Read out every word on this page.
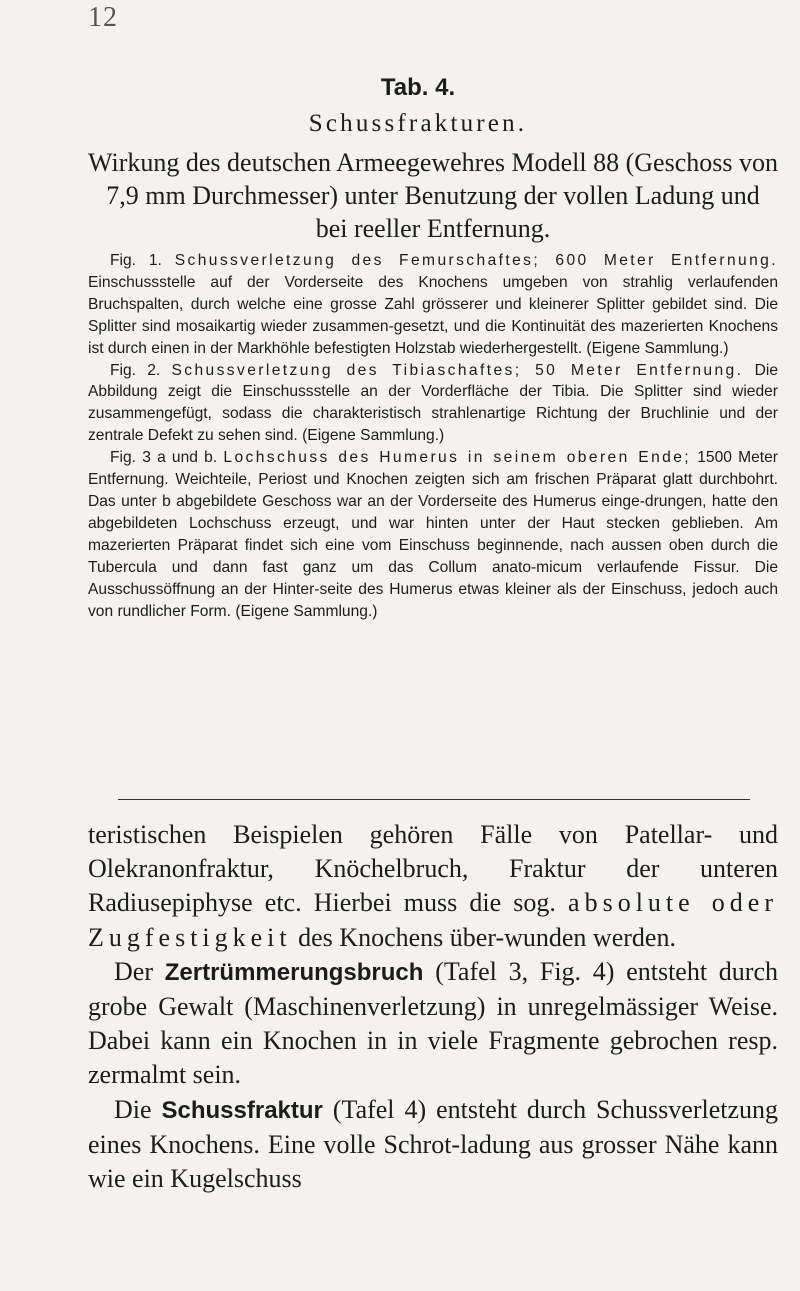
12
Tab. 4.
Schussfrakturen.
Wirkung des deutschen Armeegewehres Modell 88 (Geschoss von 7,9 mm Durchmesser) unter Benutzung der vollen Ladung und bei reeller Entfernung.

Fig. 1. Schussverletzung des Femurschaftes; 600 Meter Entfernung. Einschussstelle auf der Vorderseite des Knochens umgeben von strahlig verlaufenden Bruchspalten, durch welche eine grosse Zahl grösserer und kleinerer Splitter gebildet sind. Die Splitter sind mosaikartig wieder zusammen-gesetzt, und die Kontinuität des mazerierten Knochens ist durch einen in der Markhöhle befestigten Holzstab wiederhergestellt. (Eigene Sammlung.)

Fig. 2. Schussverletzung des Tibiaschaftes; 50 Meter Entfernung. Die Abbildung zeigt die Einschussstelle an der Vorderfläche der Tibia. Die Splitter sind wieder zusammengefügt, sodass die charakteristisch strahlenartige Richtung der Bruchlinie und der zentrale Defekt zu sehen sind. (Eigene Sammlung.)

Fig. 3 a und b. Lochschuss des Humerus in seinem oberen Ende; 1500 Meter Entfernung. Weichteile, Periost und Knochen zeigten sich am frischen Präparat glatt durchbohrt. Das unter b abgebildete Geschoss war an der Vorderseite des Humerus einge-drungen, hatte den abgebildeten Lochschuss erzeugt, und war hinten unter der Haut stecken geblieben. Am mazerierten Präparat findet sich eine vom Einschuss beginnende, nach aussen oben durch die Tubercula und dann fast ganz um das Collum anato-micum verlaufende Fissur. Die Ausschussöffnung an der Hinter-seite des Humerus etwas kleiner als der Einschuss, jedoch auch von rundlicher Form. (Eigene Sammlung.)

teristischen Beispielen gehören Fälle von Patellar- und Olekranonfraktur, Knöchelbruch, Fraktur der unteren Radiusepiphyse etc. Hierbei muss die sog. absolute oder Zugfestigkeit des Knochens über-wunden werden.

Der Zertrümmerungsbruch (Tafel 3, Fig. 4) entsteht durch grobe Gewalt (Maschinenverletzung) in unregelmässiger Weise. Dabei kann ein Knochen in in viele Fragmente gebrochen resp. zermalmt sein.

Die Schussfraktur (Tafel 4) entsteht durch Schussverletzung eines Knochens. Eine volle Schrot-ladung aus grosser Nähe kann wie ein Kugelschuss
